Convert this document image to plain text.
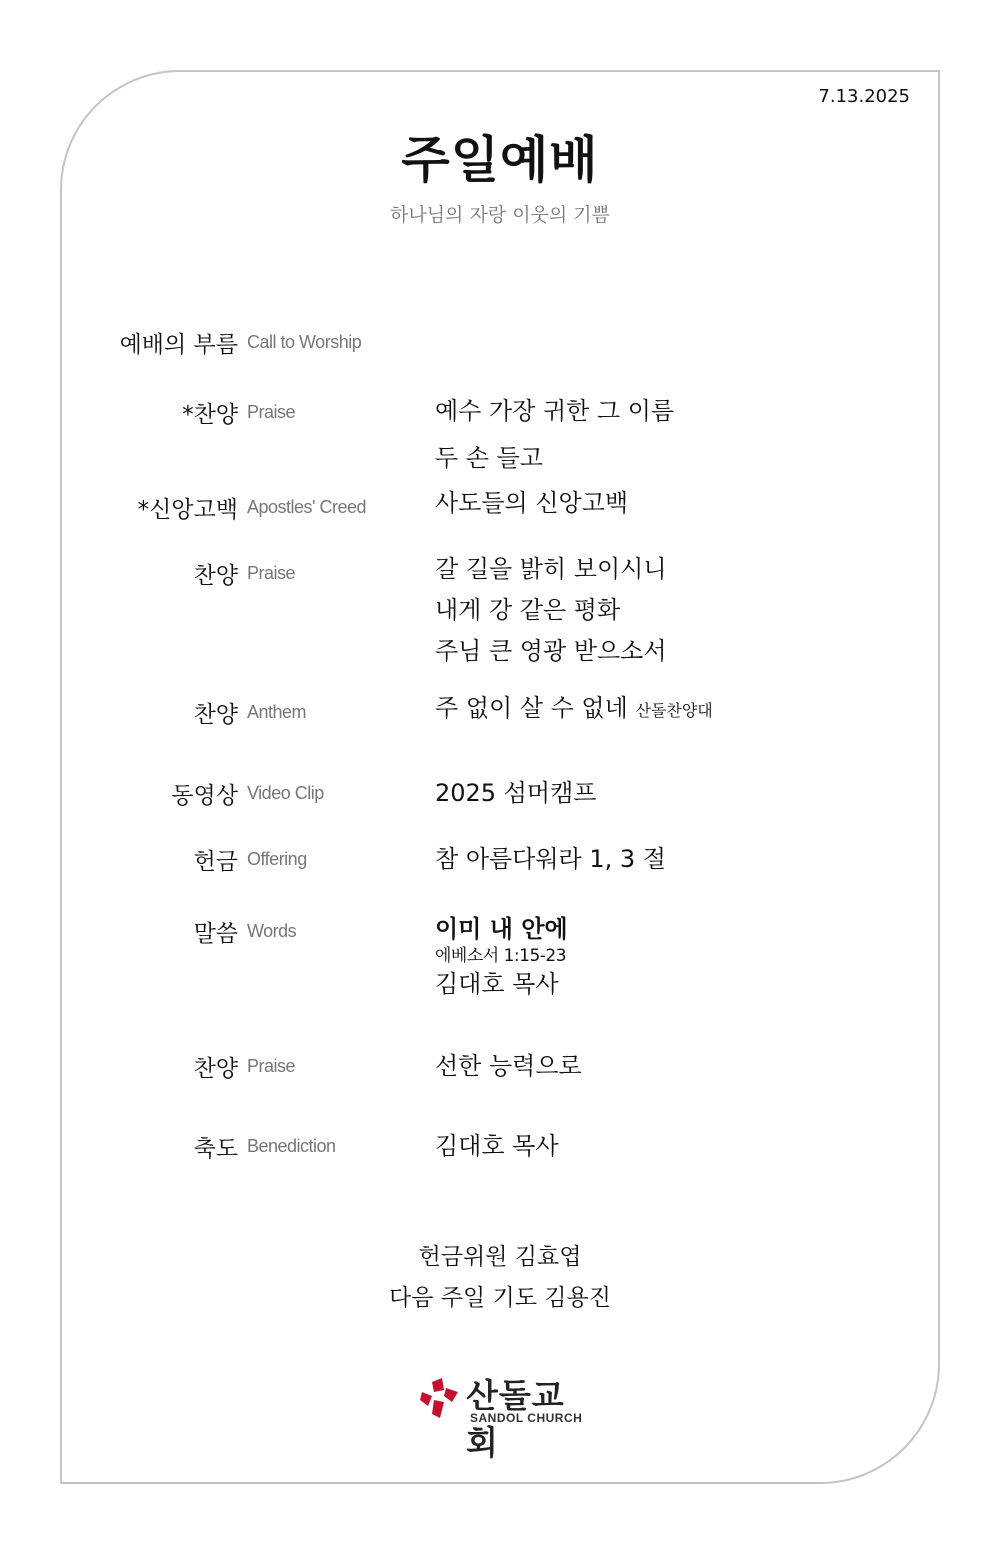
7.13.2025
주일예배
하나님의 자랑 이웃의 기쁨
예배의 부름 Call to Worship
*찬양 Praise	예수 가장 귀한 그 이름
두 손 들고
*신앙고백 Apostles' Creed	사도들의 신앙고백
찬양 Praise	갈 길을 밝히 보이시니
내게 강 같은 평화
주님 큰 영광 받으소서
찬양 Anthem	주 없이 살 수 없네 산돌찬양대
동영상 Video Clip	2025 섬머캠프
헌금 Offering	참 아름다워라 1, 3 절
말씀 Words	이미 내 안에
에베소서 1:15-23
김대호 목사
찬양 Praise	선한 능력으로
축도 Benediction	김대호 목사
헌금위원 김효엽
다음 주일 기도 김용진
산돌교회
SANDOL CHURCH
